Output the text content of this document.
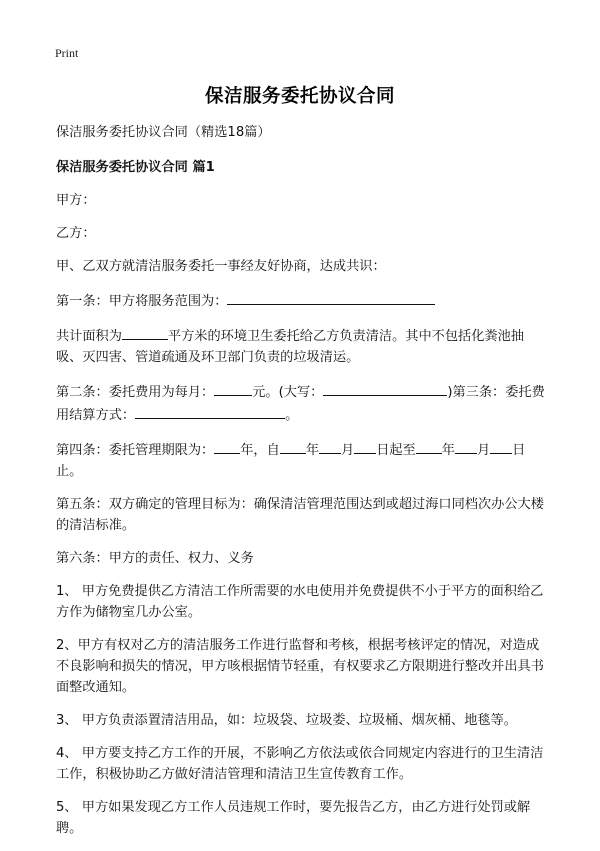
Print
保洁服务委托协议合同

保洁服务委托协议合同（精选18篇）

保洁服务委托协议合同 篇1

甲方：

乙方：

甲、乙双方就清洁服务委托一事经友好协商，达成共识：

第一条：甲方将服务范围为：

共计面积为	平方米的环境卫生委托给乙方负责清洁。其中不包括化粪池抽吸、灭四害、管道疏通及环卫部门负责的垃圾清运。

第二条：委托费用为每月：	元。(大写：	)第三条：委托费用结算方式：	。

第四条：委托管理期限为： 年，自 年 月 日起至 年 月 日止。

第五条：双方确定的管理目标为：确保清洁管理范围达到或超过海口同档次办公大楼的清洁标准。

第六条：甲方的责任、权力、义务

1、 甲方免费提供乙方清洁工作所需要的水电使用并免费提供不小于平方的面积给乙方作为储物室几办公室。

2、甲方有权对乙方的清洁服务工作进行监督和考核，根据考核评定的情况，对造成不良影响和损失的情况，甲方咳根据情节轻重，有权要求乙方限期进行整改并出具书面整改通知。

3、 甲方负责添置清洁用品，如：垃圾袋、垃圾娄、垃圾桶、烟灰桶、地毯等。

4、 甲方要支持乙方工作的开展，不影响乙方依法或依合同规定内容进行的卫生清洁工作，积极协助乙方做好清洁管理和清洁卫生宣传教育工作。

5、 甲方如果发现乙方工作人员违规工作时，要先报告乙方，由乙方进行处罚或解聘。
